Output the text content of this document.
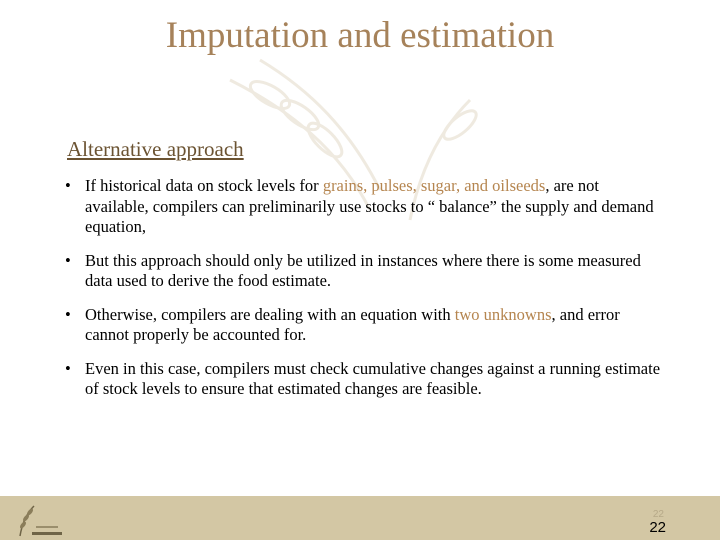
Imputation and estimation
Alternative approach
• If historical data on stock levels for grains, pulses, sugar, and oilseeds, are not available, compilers can preliminarily use stocks to “ balance” the supply and demand equation,
• But this approach should only be utilized in instances where there is some measured data used to derive the food estimate.
• Otherwise, compilers are dealing with an equation with two unknowns, and error cannot properly be accounted for.
• Even in this case, compilers must check cumulative changes against a running estimate of stock levels to ensure that estimated changes are feasible.
22
22
